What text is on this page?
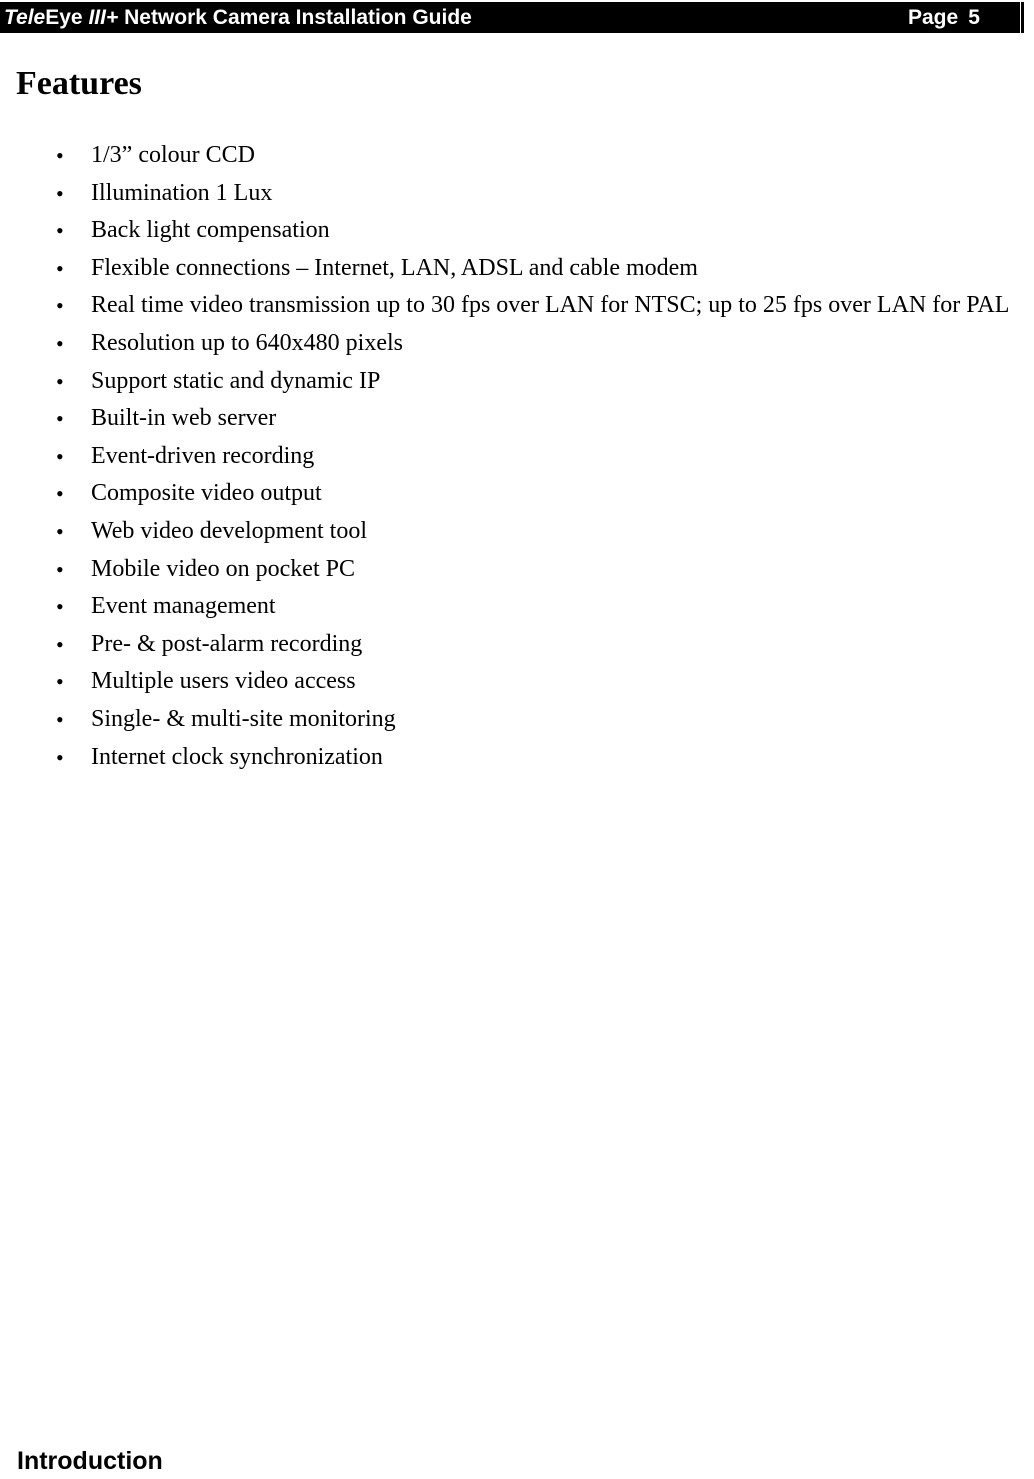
TeleEye III+ Network Camera Installation Guide	Page 5
Features
• 1/3” colour CCD
• Illumination 1 Lux
• Back light compensation
• Flexible connections – Internet, LAN, ADSL and cable modem
• Real time video transmission up to 30 fps over LAN for NTSC; up to 25 fps over LAN for PAL
• Resolution up to 640x480 pixels
• Support static and dynamic IP
• Built-in web server
• Event-driven recording
• Composite video output
• Web video development tool
• Mobile video on pocket PC
• Event management
• Pre- & post-alarm recording
• Multiple users video access
• Single- & multi-site monitoring
• Internet clock synchronization
Introduction
